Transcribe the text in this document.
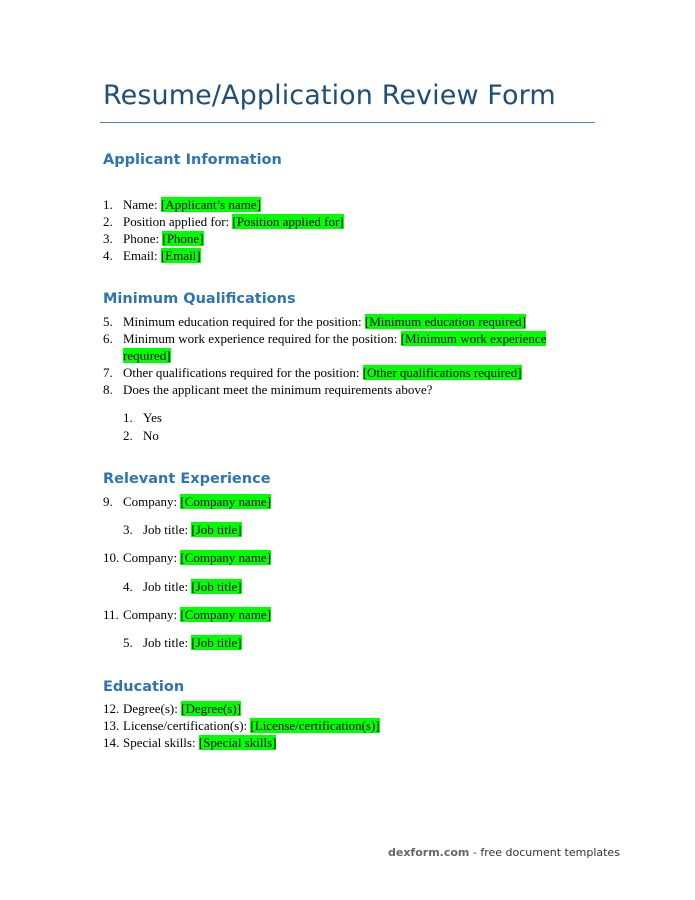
Resume/Application Review Form
Applicant Information
1. Name: [Applicant’s name]
2. Position applied for: [Position applied for]
3. Phone: [Phone]
4. Email: [Email]
Minimum Qualifications
5. Minimum education required for the position: [Minimum education required]
6. Minimum work experience required for the position: [Minimum work experience required]
7. Other qualifications required for the position: [Other qualifications required]
8. Does the applicant meet the minimum requirements above?
1. Yes
2. No
Relevant Experience
9. Company: [Company name]
3. Job title: [Job title]
10. Company: [Company name]
4. Job title: [Job title]
11. Company: [Company name]
5. Job title: [Job title]
Education
12. Degree(s): [Degree(s)]
13. License/certification(s): [License/certification(s)]
14. Special skills: [Special skills]
dexform.com - free document templates
